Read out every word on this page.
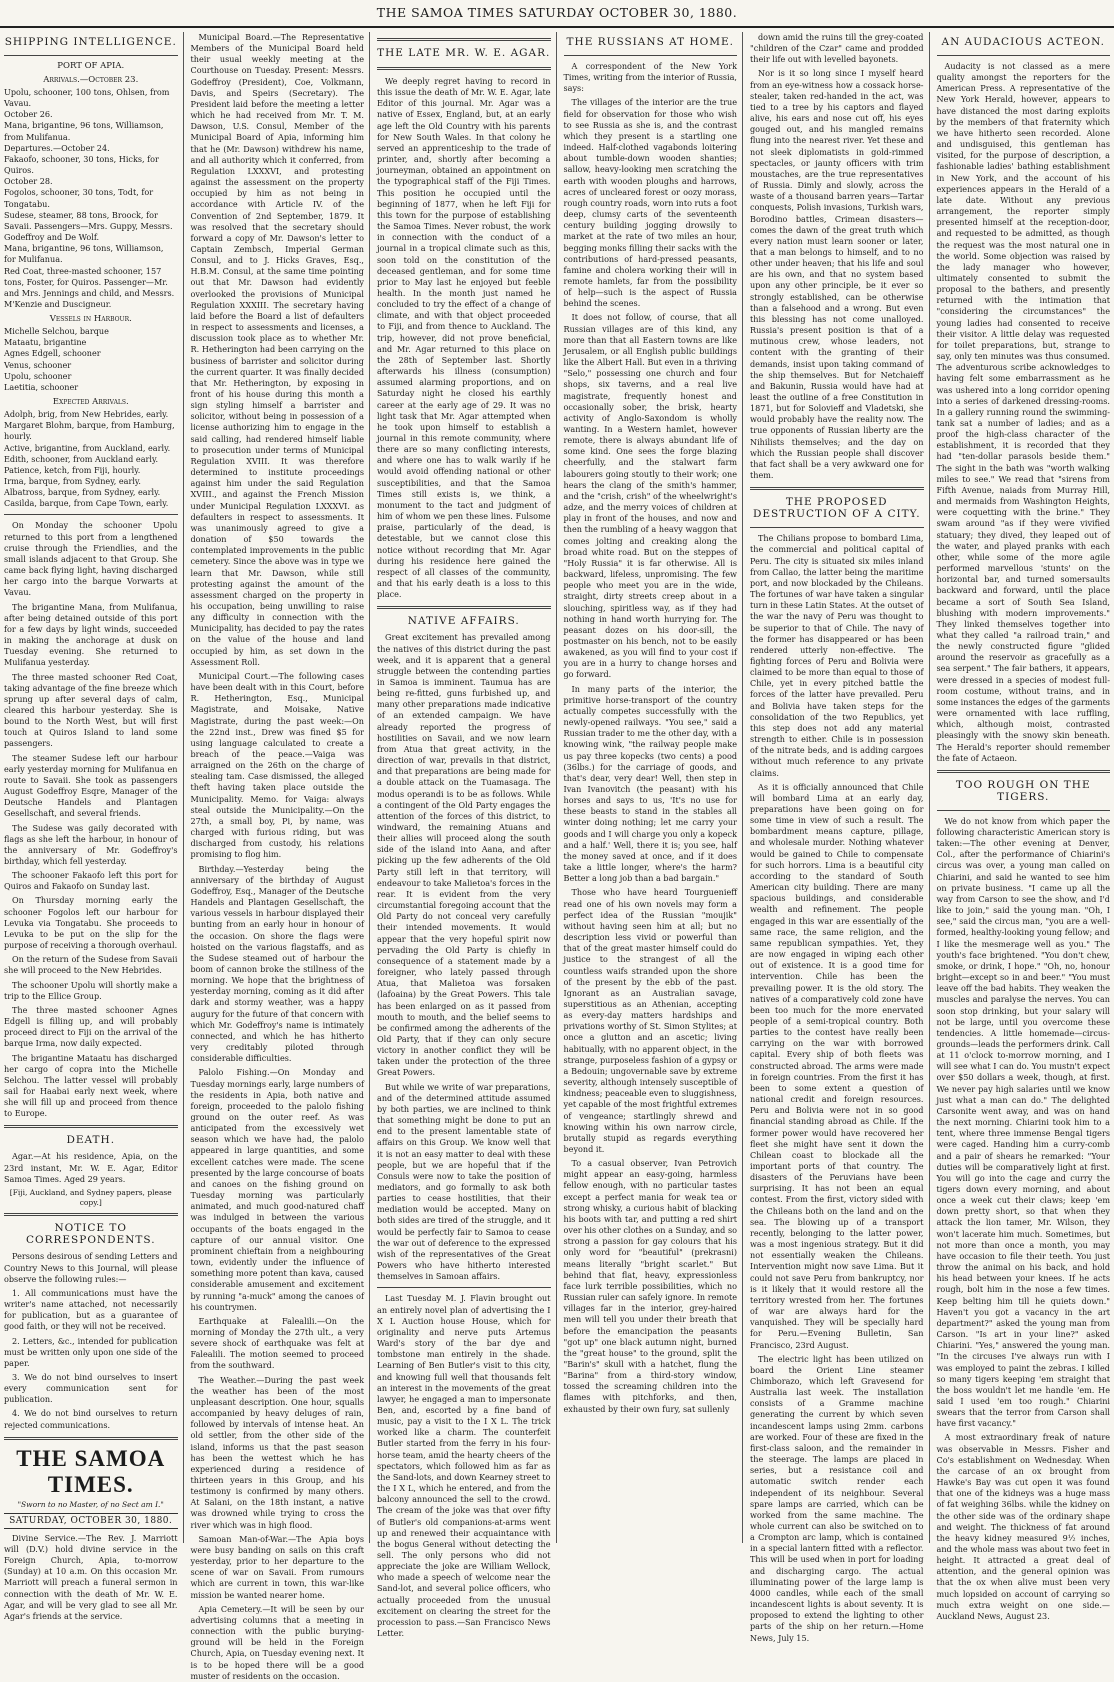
THE SAMOA TIMES SATURDAY OCTOBER 30, 1880.
SHIPPING INTELLIGENCE.
PORT OF APIA.
Arrivals.—October 23.

Upolu, schooner, 100 tons, Ohlsen, from Vavau.

October 26.

Mana, brigantine, 96 tons, Williamson, from Mulifanua.

Departures.—October 24.

Fakaofo, schooner, 30 tons, Hicks, for Quiros.

October 28.

Fogolos, schooner, 30 tons, Todt, for Tongatabu.

Sudese, steamer, 88 tons, Broock, for Savaii. Passengers—Mrs. Guppy, Messrs. Godeffroy and De Wolf.

Mana, brigantine, 96 tons, Williamson, for Mulifanua.

Red Coat, three-masted schooner, 157 tons, Foster, for Quiros. Passenger—Mr. and Mrs. Jennings and child, and Messrs. M'Kenzie and Duscigneur.

Vessels in Harbour.

Michelle Selchou, barque

Mataatu, brigantine

Agnes Edgell, schooner

Venus, schooner

Upolu, schooner

Laetitia, schooner

Expected Arrivals.

Adolph, brig, from New Hebrides, early.

Margaret Blohm, barque, from Hamburg, hourly.

Active, brigantine, from Auckland, early.

Edith, schooner, from Auckland early.

Patience, ketch, from Fiji, hourly.

Irma, barque, from Sydney, early.

Albatross, barque, from Sydney, early.

Casilda, barque, from Cape Town, early.

On Monday the schooner Upolu returned to this port from a lengthened cruise through the Friendlies, and the small islands adjacent to that Group. She came back flying light, having discharged her cargo into the barque Vorwarts at Vavau.

The brigantine Mana, from Mulifanua, after being detained outside of this port for a few days by light winds, succeeded in making the anchorage at dusk on Tuesday evening. She returned to Mulifanua yesterday.

The three masted schooner Red Coat, taking advantage of the fine breeze which sprung up after several days of calm, cleared this harbour yesterday. She is bound to the North West, but will first touch at Quiros Island to land some passengers.

The steamer Sudese left our harbour early yesterday morning for Mulifanua en route to Savaii. She took as passengers August Godeffroy Esqre, Manager of the Deutsche Handels and Plantagen Gesellschaft, and several friends.

The Sudese was gaily decorated with flags as she left the harbour, in honour of the anniversary of Mr. Godeffroy's birthday, which fell yesterday.

The schooner Fakaofo left this port for Quiros and Fakaofo on Sunday last.

On Thursday morning early the schooner Fogolos left our harbour for Levuka via Tongatabu. She proceeds to Levuka to be put on the slip for the purpose of receiving a thorough overhaul.

On the return of the Sudese from Savaii she will proceed to the New Hebrides.

The schooner Upolu will shortly make a trip to the Ellice Group.

The three masted schooner Agnes Edgell is filling up, and will probably proceed direct to Fiji on the arrival of the barque Irma, now daily expected.

The brigantine Mataatu has discharged her cargo of copra into the Michelle Selchou. The latter vessel will probably sail for Haabai early next week, where she will fill up and proceed from thence to Europe.

DEATH.

Agar.—At his residence, Apia, on the 23rd instant, Mr. W. E. Agar, Editor Samoa Times. Aged 29 years.

[Fiji, Auckland, and Sydney papers, please copy.]
NOTICE TO CORRESPONDENTS.

Persons desirous of sending Letters and Country News to this Journal, will please observe the following rules:—

1. All communications must have the writer's name attached, not necessarily for publication, but as a guarantee of good faith, or they will not be received.

2. Letters, &c., intended for publication must be written only upon one side of the paper.

3. We do not bind ourselves to insert every communication sent for publication.

4. We do not bind ourselves to return rejected communications.

THE SAMOA TIMES.
"Sworn to no Master, of no Sect am I."
SATURDAY, OCTOBER 30, 1880.

Divine Service.—The Rev. J. Marriott will (D.V.) hold divine service in the Foreign Church, Apia, to-morrow (Sunday) at 10 a.m. On this occasion Mr. Marriott will preach a funeral sermon in connection with the death of Mr. W. E. Agar, and will be very glad to see all Mr. Agar's friends at the service.

Municipal Board.—The Representative Members of the Municipal Board held their usual weekly meeting at the Courthouse on Tuesday. Present: Messrs. Godeffroy (President), Coe, Volkmann, Davis, and Speirs (Secretary). The President laid before the meeting a letter which he had received from Mr. T. M. Dawson, U.S. Consul, Member of the Municipal Board of Apia, informing him that he (Mr. Dawson) withdrew his name, and all authority which it conferred, from Regulation LXXXVI, and protesting against the assessment on the property occupied by him as not being in accordance with Article IV. of the Convention of 2nd September, 1879. It was resolved that the secretary should forward a copy of Mr. Dawson's letter to Captain Zembsch, Imperial German Consul, and to J. Hicks Graves, Esq., H.B.M. Consul, at the same time pointing out that Mr. Dawson had evidently overlooked the provisions of Municipal Regulation XXXIII. The secretary having laid before the Board a list of defaulters in respect to assessments and licenses, a discussion took place as to whether Mr. R. Hetherington had been carrying on the business of barrister and solicitor during the current quarter. It was finally decided that Mr. Hetherington, by exposing in front of his house during this month a sign styling himself a barrister and solicitor, without being in possession of a license authorizing him to engage in the said calling, had rendered himself liable to prosecution under terms of Municipal Regulation XVIII. It was therefore determined to institute proceedings against him under the said Regulation XVIII., and against the French Mission under Municipal Regulation LXXXVI. as defaulters in respect to assessments. It was unanimously agreed to give a donation of $50 towards the contemplated improvements in the public cemetery. Since the above was in type we learn that Mr. Dawson, while still protesting against the amount of the assessment charged on the property in his occupation, being unwilling to raise any difficulty in connection with the Municipality, has decided to pay the rates on the value of the house and land occupied by him, as set down in the Assessment Roll.

Municipal Court.—The following cases have been dealt with in this Court, before R. Hetherington, Esq., Municipal Magistrate, and Moisake, Native Magistrate, during the past week:—On the 22nd inst., Drew was fined $5 for using language calculated to create a breach of the peace.—Vaiga was arraigned on the 26th on the charge of stealing tam. Case dismissed, the alleged theft having taken place outside the Municipality. Memo. for Vaiga: always steal outside the Municipality.—On the 27th, a small boy, Pi, by name, was charged with furious riding, but was discharged from custody, his relations promising to flog him.

Birthday.—Yesterday being the anniversary of the birthday of August Godeffroy, Esq., Manager of the Deutsche Handels and Plantagen Gesellschaft, the various vessels in harbour displayed their bunting from an early hour in honour of the occasion. On shore the flags were hoisted on the various flagstaffs, and as the Sudese steamed out of harbour the boom of cannon broke the stillness of the morning. We hope that the brightness of yesterday morning, coming as it did after dark and stormy weather, was a happy augury for the future of that concern with which Mr. Godeffroy's name is intimately connected, and which he has hitherto very creditably piloted through considerable difficulties.

Palolo Fishing.—On Monday and Tuesday mornings early, large numbers of the residents in Apia, both native and foreign, proceeded to the palolo fishing ground on the outer reef. As was anticipated from the excessively wet season which we have had, the palolo appeared in large quantities, and some excellent catches were made. The scene presented by the large concourse of boats and canoes on the fishing ground on Tuesday morning was particularly animated, and much good-natured chaff was indulged in between the various occupants of the boats engaged in the capture of our annual visitor. One prominent chieftain from a neighbouring town, evidently under the influence of something more potent than kava, caused considerable amusement and excitement by running "a-muck" among the canoes of his countrymen.

Earthquake at Falealili.—On the morning of Monday the 27th ult., a very severe shock of earthquake was felt at Falealili. The motion seemed to proceed from the southward.

The Weather.—During the past week the weather has been of the most unpleasant description. One hour, squalls accompanied by heavy deluges of rain, followed by intervals of intense heat. An old settler, from the other side of the island, informs us that the past season has been the wettest which he has experienced during a residence of thirteen years in this Group, and his testimony is confirmed by many others. At Salani, on the 18th instant, a native was drowned while trying to cross the river which was in high flood.

Samoan Man-of-War.—The Apia boys were busy banding on sails on this craft yesterday, prior to her departure to the scene of war on Savaii. From rumours which are current in town, this war-like mission be wanted nearer home.

Apia Cemetery.—It will be seen by our advertising columns that a meeting in connection with the public burying-ground will be held in the Foreign Church, Apia, on Tuesday evening next. It is to be hoped there will be a good muster of residents on the occasion.

THE LATE MR. W. E. AGAR.

We deeply regret having to record in this issue the death of Mr. W. E. Agar, late Editor of this journal. Mr. Agar was a native of Essex, England, but, at an early age left the Old Country with his parents for New South Wales. In that colony he served an apprenticeship to the trade of printer, and, shortly after becoming a journeyman, obtained an appointment on the typographical staff of the Fiji Times. This position he occupied until the beginning of 1877, when he left Fiji for this town for the purpose of establishing the Samoa Times. Never robust, the work in connection with the conduct of a journal in a tropical climate such as this, soon told on the constitution of the deceased gentleman, and for some time prior to May last he enjoyed but feeble health. In the month just named he concluded to try the effect of a change of climate, and with that object proceeded to Fiji, and from thence to Auckland. The trip, however, did not prove beneficial, and Mr. Agar returned to this place on the 28th of September last. Shortly afterwards his illness (consumption) assumed alarming proportions, and on Saturday night he closed his earthly career at the early age of 29. It was no light task that Mr. Agar attempted when he took upon himself to establish a journal in this remote community, where there are so many conflicting interests, and where one has to walk warily if he would avoid offending national or other susceptibilities, and that the Samoa Times still exists is, we think, a monument to the tact and judgment of him of whom we pen these lines. Fulsome praise, particularly of the dead, is detestable, but we cannot close this notice without recording that Mr. Agar during his residence here gained the respect of all classes of the community, and that his early death is a loss to this place.

NATIVE AFFAIRS.

Great excitement has prevailed among the natives of this district during the past week, and it is apparent that a general struggle between the contending parties in Samoa is imminent. Taumua has are being re-fitted, guns furbished up, and many other preparations made indicative of an extended campaign. We have already reported the progress of hostilities on Savaii, and we now learn from Atua that great activity, in the direction of war, prevails in that district, and that preparations are being made for a double attack on the Tuamasaga. The modus operandi is to be as follows. While a contingent of the Old Party engages the attention of the forces of this district, to windward, the remaining Atuans and their allies will proceed along the south side of the island into Aana, and after picking up the few adherents of the Old Party still left in that territory, will endeavour to take Malietoa's forces in the rear. It is evident from the very circumstantial foregoing account that the Old Party do not conceal very carefully their intended movements. It would appear that the very hopeful spirit now pervading the Old Party is chiefly in consequence of a statement made by a foreigner, who lately passed through Atua, that Malietoa was forsaken (lafoaina) by the Great Powers. This tale has been enlarged on as it passed from mouth to mouth, and the belief seems to be confirmed among the adherents of the Old Party, that if they can only secure victory in another conflict they will be taken under the protection of the three Great Powers.

But while we write of war preparations, and of the determined attitude assumed by both parties, we are inclined to think that something might be done to put an end to the present lamentable state of affairs on this Group. We know well that it is not an easy matter to deal with these people, but we are hopeful that if the Consuls were now to take the position of mediators, and go formally to ask both parties to cease hostilities, that their mediation would be accepted. Many on both sides are tired of the struggle, and it would be perfectly fair to Samoa to cease the war out of deference to the expressed wish of the representatives of the Great Powers who have hitherto interested themselves in Samoan affairs.

Last Tuesday M. J. Flavin brought out an entirely novel plan of advertising the I X L Auction house House, which for originality and nerve puts Artemus Ward's story of the bar dye and tombstone man entirely in the shade. Learning of Ben Butler's visit to this city, and knowing full well that thousands felt an interest in the movements of the great lawyer, he engaged a man to impersonate Ben, and, escorted by a fine band of music, pay a visit to the I X L. The trick worked like a charm. The counterfeit Butler started from the ferry in his four-horse team, amid the hearty cheers of the spectators, which followed him as far as the Sand-lots, and down Kearney street to the I X L, which he entered, and from the balcony announced the sell to the crowd. The cream of the joke was that over fifty of Butler's old companions-at-arms went up and renewed their acquaintance with the bogus General without detecting the sell. The only persons who did not appreciate the joke are William Wellock, who made a speech of welcome near the Sand-lot, and several police officers, who actually proceeded from the unusual excitement on clearing the street for the procession to pass.—San Francisco News Letter.

THE RUSSIANS AT HOME.

A correspondent of the New York Times, writing from the interior of Russia, says:

The villages of the interior are the true field for observation for those who wish to see Russia as she is, and the contrast which they present is a startling one indeed. Half-clothed vagabonds loitering about tumble-down wooden shanties; sallow, heavy-looking men scratching the earth with wooden ploughs and harrows, acres of uncleared forest or oozy morass, rough country roads, worn into ruts a foot deep, clumsy carts of the seventeenth century building jogging drowsily to market at the rate of two miles an hour, begging monks filling their sacks with the contributions of hard-pressed peasants, famine and cholera working their will in remote hamlets, far from the possibility of help—such is the aspect of Russia behind the scenes.

It does not follow, of course, that all Russian villages are of this kind, any more than that all Eastern towns are like Jerusalem, or all English public buildings like the Albert Hall. But even in a thriving "Selo," possessing one church and four shops, six taverns, and a real live magistrate, frequently honest and occasionally sober, the brisk, hearty activity of Anglo-Saxondom is wholly wanting. In a Western hamlet, however remote, there is always abundant life of some kind. One sees the forge blazing cheerfully, and the stalwart farm labourers going stoutly to their work; one hears the clang of the smith's hammer, and the "crish, crish" of the wheelwright's adze, and the merry voices of children at play in front of the houses, and now and then the rumbling of a heavy waggon that comes jolting and creaking along the broad white road. But on the steppes of "Holy Russia" it is far otherwise. All is backward, lifeless, unpromising. The few people who meet you are in the wide, straight, dirty streets creep about in a slouching, spiritless way, as if they had nothing in hand worth hurrying for. The peasant dozes on his door-sill, the postmaster on his bench, not to be easily awakened, as you will find to your cost if you are in a hurry to change horses and go forward.

In many parts of the interior, the primitive horse-transport of the country actually competes successfully with the newly-opened railways. "You see," said a Russian trader to me the other day, with a knowing wink, "the railway people make us pay three kopecks (two cents) a pood (36lbs.) for the carriage of goods, and that's dear, very dear! Well, then step in Ivan Ivanovitch (the peasant) with his horses and says to us, 'It's no use for these beasts to stand in the stables all winter doing nothing; let me carry your goods and I will charge you only a kopeck and a half.' Well, there it is; you see, half the money saved at once, and if it does take a little longer, where's the harm? Better a long job than a bad bargain."

Those who have heard Tourguenieff read one of his own novels may form a perfect idea of the Russian "moujik" without having seen him at all; but no description less vivid or powerful than that of the great master himself could do justice to the strangest of all the countless waifs stranded upon the shore of the present by the ebb of the past. Ignorant as an Australian savage, superstitious as an Athenian, accepting as every-day matters hardships and privations worthy of St. Simon Stylites; at once a glutton and an ascetic; living habitually, with no apparent object, in the strange, purposeless fashion of a gypsy or a Bedouin; ungovernable save by extreme severity, although intensely susceptible of kindness; peaceable even to sluggishness, yet capable of the most frightful extremes of vengeance; startlingly shrewd and knowing within his own narrow circle, brutally stupid as regards everything beyond it.

To a casual observer, Ivan Petrovich might appear an easy-going, harmless fellow enough, with no particular tastes except a perfect mania for weak tea or strong whisky, a curious habit of blacking his boots with tar, and putting a red shirt over his other clothes on a Sunday, and so strong a passion for gay colours that his only word for "beautiful" (prekrasni) means literally "bright scarlet." But behind that flat, heavy, expressionless face lurk terrible possibilities, which no Russian ruler can safely ignore. In remote villages far in the interior, grey-haired men will tell you under their breath that before the emancipation the peasants "got up" one black autumn night, burned the "great house" to the ground, split the "Barin's" skull with a hatchet, flung the "Barina" from a third-story window, tossed the screaming children into the flames with pitchforks, and then, exhausted by their own fury, sat sullenly

down amid the ruins till the grey-coated "children of the Czar" came and prodded their life out with levelled bayonets.

Nor is it so long since I myself heard from an eye-witness how a cossack horse-stealer, taken red-handed in the act, was tied to a tree by his captors and flayed alive, his ears and nose cut off, his eyes gouged out, and his mangled remains flung into the nearest river. Yet these and not sleek diplomatists in gold-rimmed spectacles, or jaunty officers with trim moustaches, are the true representatives of Russia. Dimly and slowly, across the waste of a thousand barren years—Tartar conquests, Polish invasions, Turkish wars, Borodino battles, Crimean disasters—comes the dawn of the great truth which every nation must learn sooner or later, that a man belongs to himself, and to no other under heaven; that his life and soul are his own, and that no system based upon any other principle, be it ever so strongly established, can be otherwise than a falsehood and a wrong. But even this blessing has not come unalloyed. Russia's present position is that of a mutinous crew, whose leaders, not content with the granting of their demands, insist upon taking command of the ship themselves. But for Netchaieff and Bakunin, Russia would have had at least the outline of a free Constitution in 1871, but for Solovieff and Vladetski, she would probably have the reality now. The true opponents of Russian liberty are the Nihilists themselves; and the day on which the Russian people shall discover that fact shall be a very awkward one for them.

THE PROPOSED DESTRUCTION OF A CITY.

The Chilians propose to bombard Lima, the commercial and political capital of Peru. The city is situated six miles inland from Callao, the latter being the maritime port, and now blockaded by the Chileans. The fortunes of war have taken a singular turn in these Latin States. At the outset of the war the navy of Peru was thought to be superior to that of Chile. The navy of the former has disappeared or has been rendered utterly non-effective. The fighting forces of Peru and Bolivia were claimed to be more than equal to those of Chile, yet in every pitched battle the forces of the latter have prevailed. Peru and Bolivia have taken steps for the consolidation of the two Republics, yet this step does not add any material strength to either. Chile is in possession of the nitrate beds, and is adding cargoes without much reference to any private claims.

As it is officially announced that Chile will bombard Lima at an early day, preparations have been going on for some time in view of such a result. The bombardment means capture, pillage, and wholesale murder. Nothing whatever would be gained to Chile to compensate for such horrors. Lima is a beautiful city according to the standard of South American city building. There are many spacious buildings, and considerable wealth and refinement. The people engaged in this war are essentially of the same race, the same religion, and the same republican sympathies. Yet, they are now engaged in wiping each other out of existence. It is a good time for intervention. Chile has been the prevailing power. It is the old story. The natives of a comparatively cold zone have been too much for the more enervated people of a semi-tropical country. Both parties to the contest have really been carrying on the war with borrowed capital. Every ship of both fleets was constructed abroad. The arms were made in foreign countries. From the first it has been to some extent a question of national credit and foreign resources. Peru and Bolivia were not in so good financial standing abroad as Chile. If the former power would have recovered her fleet she might have sent it down the Chilean coast to blockade all the important ports of that country. The disasters of the Peruvians have been surprising. It has not been an equal contest. From the first, victory sided with the Chileans both on the land and on the sea. The blowing up of a transport recently, belonging to the latter power, was a most ingenious strategy. But it did not essentially weaken the Chileans. Intervention might now save Lima. But it could not save Peru from bankruptcy, nor is it likely that it would restore all the territory wrested from her. The fortunes of war are always hard for the vanquished. They will be specially hard for Peru.—Evening Bulletin, San Francisco, 23rd August.

The electric light has been utilized on board the Orient Line steamer Chimborazo, which left Gravesend for Australia last week. The installation consists of a Gramme machine generating the current by which seven incandescent lamps using 2mm. carbons are worked. Four of these are fixed in the first-class saloon, and the remainder in the steerage. The lamps are placed in series, but a resistance coil and automatic switch render each independent of its neighbour. Several spare lamps are carried, which can be worked from the same machine. The whole current can also be switched on to a Crompton arc lamp, which is contained in a special lantern fitted with a reflector. This will be used when in port for loading and discharging cargo. The actual illuminating power of the large lamp is 4000 candles, while each of the small incandescent lights is about seventy. It is proposed to extend the lighting to other parts of the ship on her return.—Home News, July 15.

AN AUDACIOUS ACTEON.

Audacity is not classed as a mere quality amongst the reporters for the American Press. A representative of the New York Herald, however, appears to have distanced the most daring exploits by the members of that fraternity which we have hitherto seen recorded. Alone and undisguised, this gentleman has visited, for the purpose of description, a fashionable ladies' bathing establishment in New York, and the account of his experiences appears in the Herald of a late date. Without any previous arrangement, the reporter simply presented himself at the reception-door, and requested to be admitted, as though the request was the most natural one in the world. Some objection was raised by the lady manager who however, ultimately consented to submit the proposal to the bathers, and presently returned with the intimation that "considering the circumstances" the young ladies had consented to receive their visitor. A little delay was requested for toilet preparations, but, strange to say, only ten minutes was thus consumed. The adventurous scribe acknowledges to having felt some embarrassment as he was ushered into a long corridor opening into a series of darkened dressing-rooms. In a gallery running round the swimming-tank sat a number of ladies; and as a proof the high-class character of the establishment, it is recorded that they had "ten-dollar parasols beside them." The sight in the bath was "worth walking miles to see." We read that "sirens from Fifth Avenue, naiads from Murray Hill, and mermaids from Washington Heights, were coquetting with the brine." They swam around "as if they were vivified statuary; they dived, they leaped out of the water, and played pranks with each other, while some of the more agile performed marvellous 'stunts' on the horizontal bar, and turned somersaults backward and forward, until the place became a sort of South Sea Island, blushing with modern improvements." They linked themselves together into what they called "a railroad train," and the newly constructed figure "glided around the reservoir as gracefully as a sea serpent." The fair bathers, it appears, were dressed in a species of modest full-room costume, without trains, and in some instances the edges of the garments were ornamented with lace ruffling, which, although moist, contrasted pleasingly with the snowy skin beneath. The Herald's reporter should remember the fate of Actaeon.

TOO ROUGH ON THE TIGERS.

We do not know from which paper the following characteristic American story is taken:—The other evening at Denver, Col., after the performance of Chiarini's circus was over, a young man called on Chiarini, and said he wanted to see him on private business. "I came up all the way from Carson to see the show, and I'd like to join," said the young man. "Oh, I see," said the circus man, "you are a well-formed, healthy-looking young fellow; and I like the mesmerage well as you." The youth's face brightened. "You don't chew, smoke, or drink, I hope." "Oh, no, honour bright—except so in and beer." "You must leave off the bad habits. They weaken the muscles and paralyse the nerves. You can soon stop drinking, but your salary will not be large, until you overcome these tendencies. A little homemade—circus-grounds—leads the performers drink. Call at 11 o'clock to-morrow morning, and I will see what I can do. You mustn't expect over $50 dollars a week, though, at first. We never pay high salaries until we know just what a man can do." The delighted Carsonite went away, and was on hand the next morning. Chiarini took him to a tent, where three immense Bengal tigers were caged. Handing him a curry-comb and a pair of shears he remarked: "Your duties will be comparatively light at first. You will go into the cage and curry the tigers down every morning, and about once a week cut their claws; keep 'em down pretty short, so that when they attack the lion tamer, Mr. Wilson, they won't lacerate him much. Sometimes, but not more than once a month, you may have occasion to file their teeth. You just throw the animal on his back, and hold his head between your knees. If he acts rough, bolt him in the nose a few times. Keep belting him till he quiets down." Haven't you got a vacancy in the art department?" asked the young man from Carson. "Is art in your line?" asked Chiarini. "Yes," answered the young man. "In the circuses I've always run with I was employed to paint the zebras. I killed so many tigers keeping 'em straight that the boss wouldn't let me handle 'em. He said I used 'em too rough." Chiarini swears that the terror from Carson shall have first vacancy."

A most extraordinary freak of nature was observable in Messrs. Fisher and Co's establishment on Wednesday. When the carcase of an ox brought from Hawke's Bay was cut open it was found that one of the kidneys was a huge mass of fat weighing 36lbs. while the kidney on the other side was of the ordinary shape and weight. The thickness of fat around the heavy kidney measured 9½ inches, and the whole mass was about two feet in height. It attracted a great deal of attention, and the general opinion was that the ox when alive must been very much lopsided on account of carrying so much extra weight on one side.—Auckland News, August 23.
